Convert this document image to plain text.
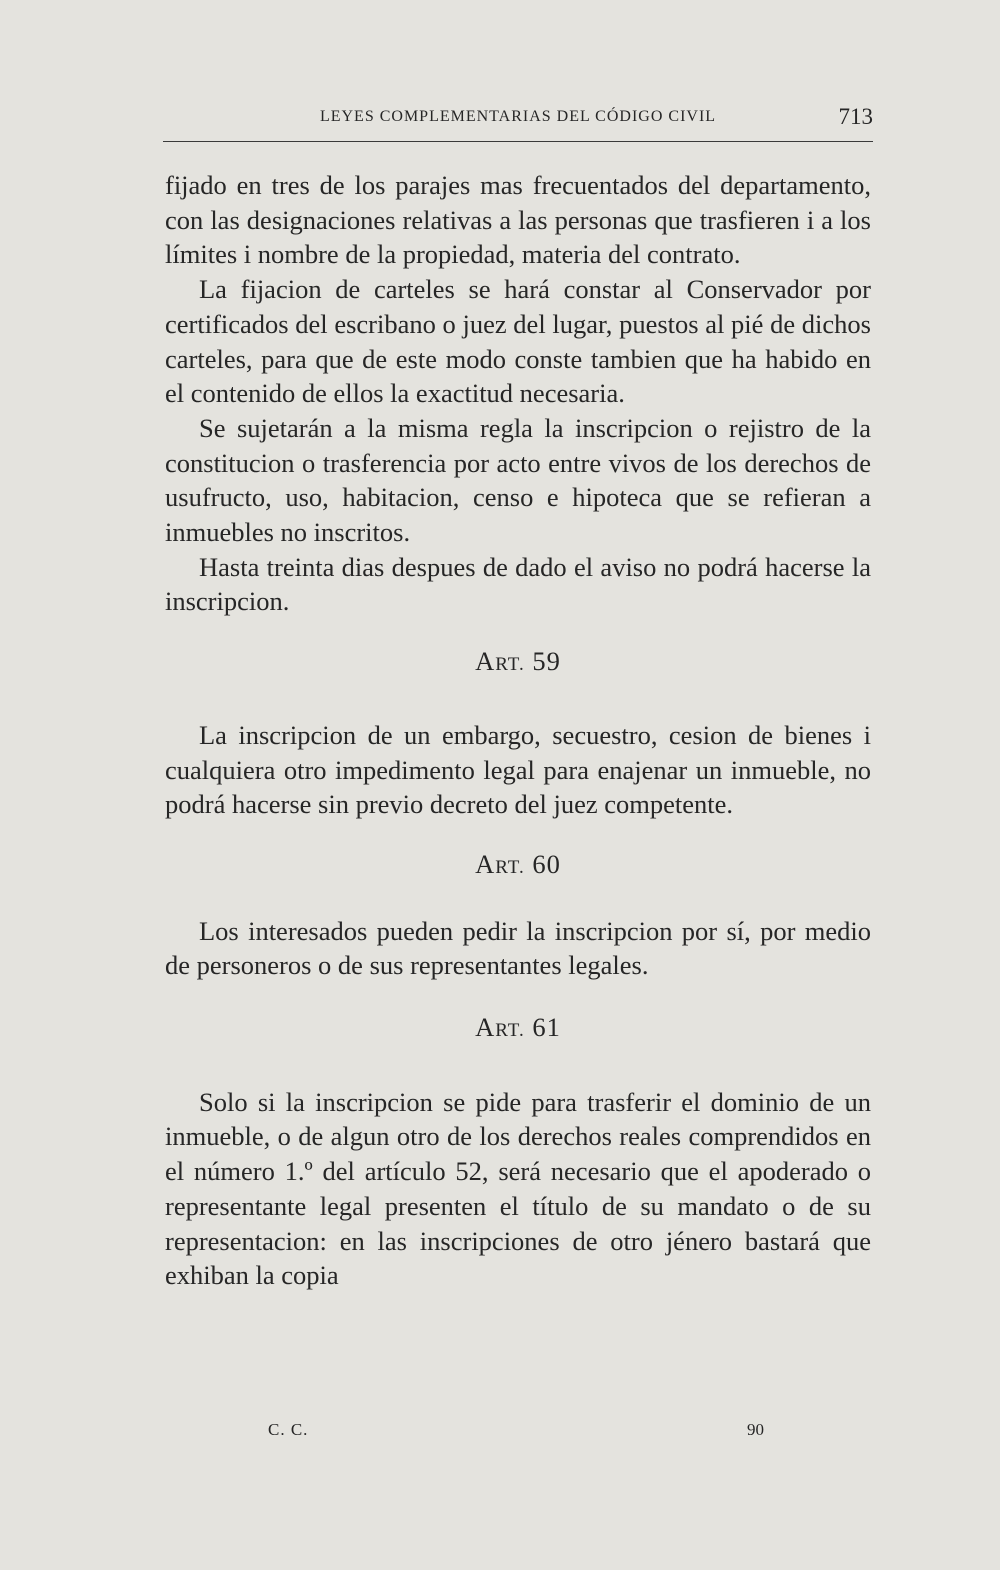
LEYES COMPLEMENTARIAS DEL CÓDIGO CIVIL	713

fijado en tres de los parajes mas frecuentados del departamento, con las designaciones relativas a las personas que trasfieren i a los límites i nombre de la propiedad, materia del contrato.

La fijacion de carteles se hará constar al Conservador por certificados del escribano o juez del lugar, puestos al pié de dichos carteles, para que de este modo conste tambien que ha habido en el contenido de ellos la exactitud necesaria.

Se sujetarán a la misma regla la inscripcion o rejistro de la constitucion o trasferencia por acto entre vivos de los derechos de usufructo, uso, habitacion, censo e hipoteca que se refieran a inmuebles no inscritos.

Hasta treinta dias despues de dado el aviso no podrá hacerse la inscripcion.

ART. 59

La inscripcion de un embargo, secuestro, cesion de bienes i cualquiera otro impedimento legal para enajenar un inmueble, no podrá hacerse sin previo decreto del juez competente.

ART. 60

Los interesados pueden pedir la inscripcion por sí, por medio de personeros o de sus representantes legales.

ART. 61

Solo si la inscripcion se pide para trasferir el dominio de un inmueble, o de algun otro de los derechos reales comprendidos en el número 1.º del artículo 52, será necesario que el apoderado o representante legal presenten el título de su mandato o de su representacion: en las inscripciones de otro jénero bastará que exhiban la copia

C. C.	90
